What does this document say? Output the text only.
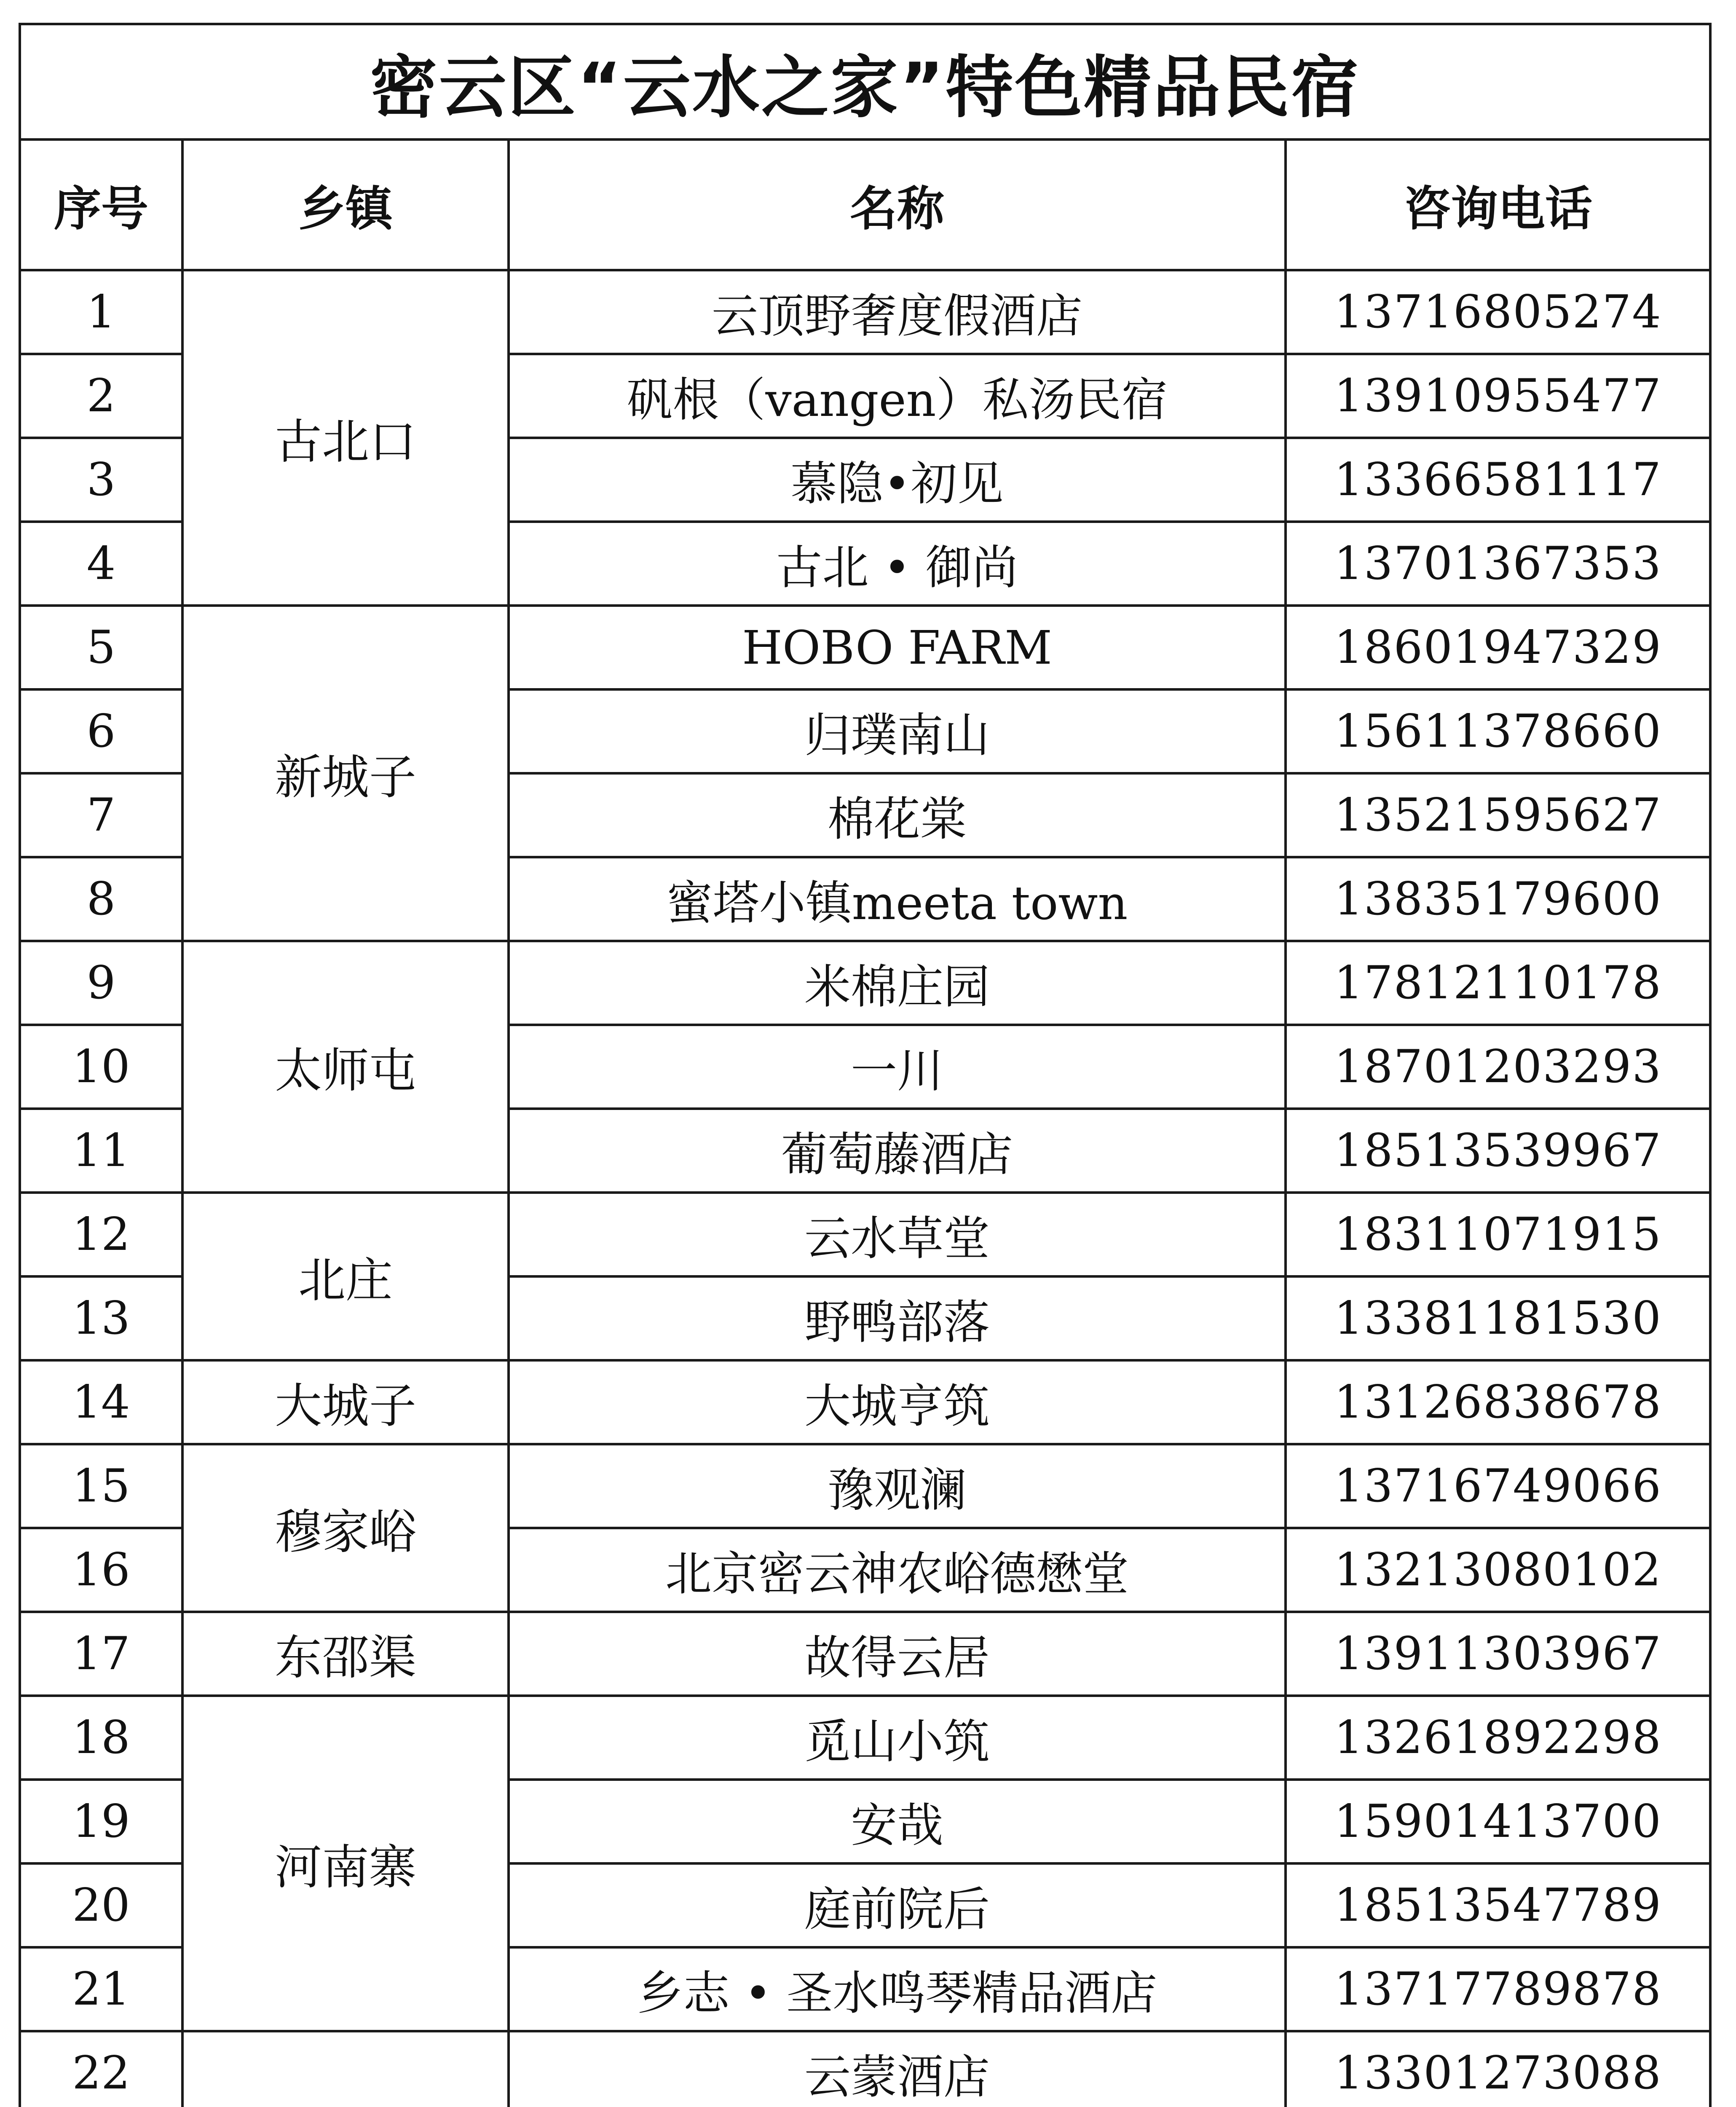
密云区“云水之家”特色精品民宿			
序号	乡镇	名称	咨询电话
1	古北口	云顶野奢度假酒店	13716805274
2		矾根（vangen）私汤民宿	13910955477
3		慕隐•初见	13366581117
4		古北 • 御尚	13701367353
5	新城子	HOBO FARM	18601947329
6		归璞南山	15611378660
7		棉花棠	13521595627
8		蜜塔小镇meeta town	13835179600
9	太师屯	米棉庄园	17812110178
10		一川	18701203293
11		葡萄藤酒店	18513539967
12	北庄	云水草堂	18311071915
13		野鸭部落	13381181530
14	大城子	大城亨筑	13126838678
15	穆家峪	豫观澜	13716749066
16		北京密云神农峪德懋堂	13213080102
17	东邵渠	故得云居	13911303967
18	河南寨	觅山小筑	13261892298
19		安哉	15901413700
20		庭前院后	18513547789
21		乡志 • 圣水鸣琴精品酒店	13717789878
22		云蒙酒店	13301273088
